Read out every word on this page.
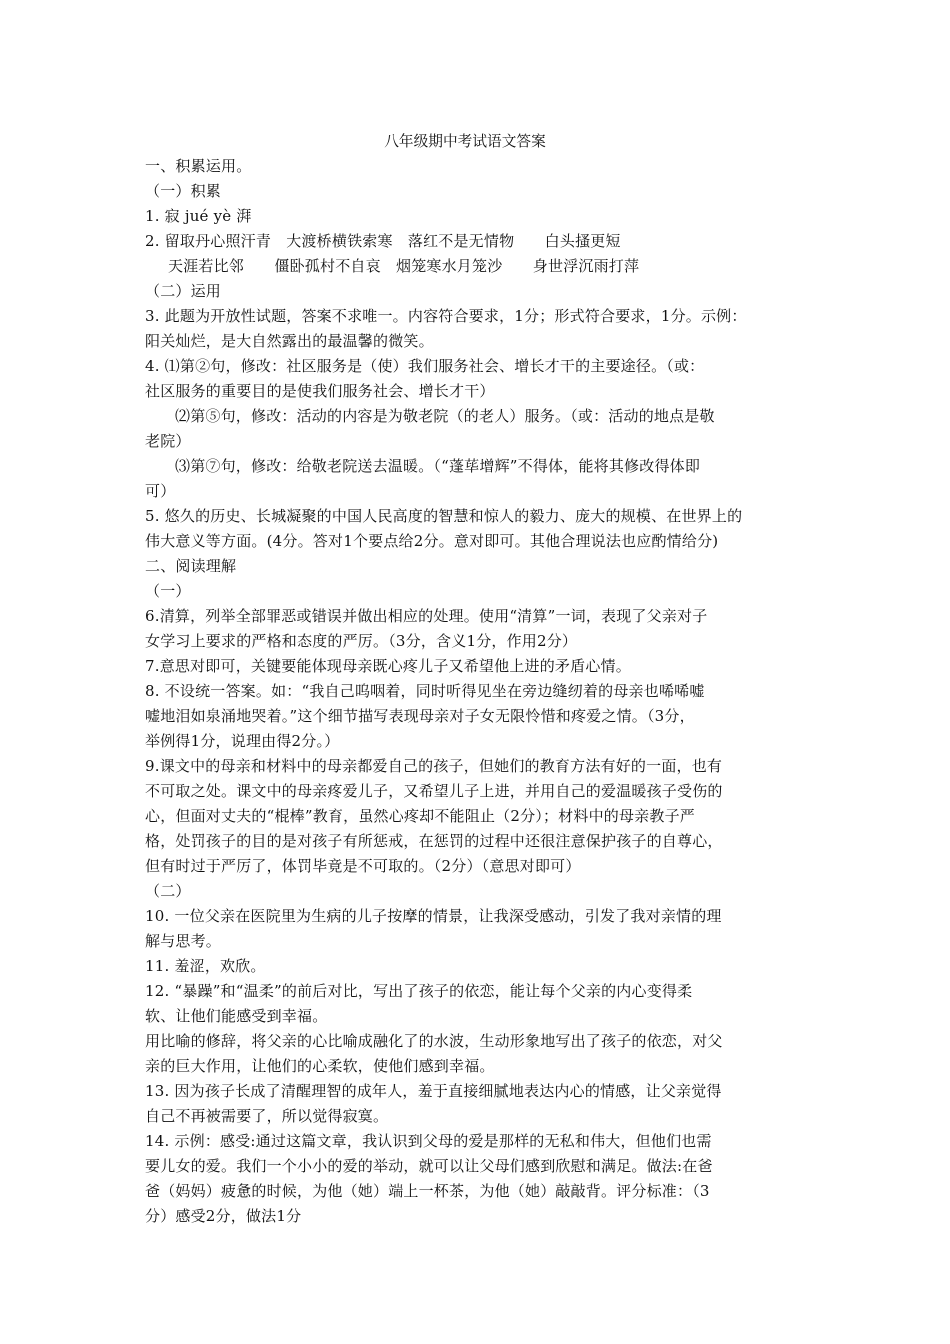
八年级期中考试语文答案
一、积累运用。
（一）积累
1. 寂 jué yè 湃
2. 留取丹心照汗青　大渡桥横铁索寒　落红不是无情物　　白头搔更短
天涯若比邻　　僵卧孤村不自哀　烟笼寒水月笼沙　　身世浮沉雨打萍
（二）运用
3. 此题为开放性试题，答案不求唯一。内容符合要求，1分；形式符合要求，1分。示例：
阳关灿烂，是大自然露出的最温馨的微笑。
4. ⑴第②句，修改：社区服务是（使）我们服务社会、增长才干的主要途径。（或：
社区服务的重要目的是使我们服务社会、增长才干）
⑵第⑤句，修改：活动的内容是为敬老院（的老人）服务。（或：活动的地点是敬
老院）
⑶第⑦句，修改：给敬老院送去温暖。（“蓬荜增辉”不得体，能将其修改得体即
可）
5. 悠久的历史、长城凝聚的中国人民高度的智慧和惊人的毅力、庞大的规模、在世界上的
伟大意义等方面。(4分。答对1个要点给2分。意对即可。其他合理说法也应酌情给分)
二、阅读理解
（一）
6.清算，列举全部罪恶或错误并做出相应的处理。使用“清算”一词，表现了父亲对子
女学习上要求的严格和态度的严厉。（3分，含义1分，作用2分）
7.意思对即可，关键要能体现母亲既心疼儿子又希望他上进的矛盾心情。
8. 不设统一答案。如：“我自己呜咽着，同时听得见坐在旁边缝纫着的母亲也唏唏嘘
嘘地泪如泉涌地哭着。”这个细节描写表现母亲对子女无限怜惜和疼爱之情。（3分，
举例得1分，说理由得2分。）
9.课文中的母亲和材料中的母亲都爱自己的孩子，但她们的教育方法有好的一面，也有
不可取之处。课文中的母亲疼爱儿子，又希望儿子上进，并用自己的爱温暖孩子受伤的
心，但面对丈夫的“棍棒”教育，虽然心疼却不能阻止（2分）；材料中的母亲教子严
格，处罚孩子的目的是对孩子有所惩戒，在惩罚的过程中还很注意保护孩子的自尊心，
但有时过于严厉了，体罚毕竟是不可取的。（2分）（意思对即可）
（二）
10. 一位父亲在医院里为生病的儿子按摩的情景，让我深受感动，引发了我对亲情的理
解与思考。
11. 羞涩，欢欣。
12. “暴躁”和“温柔”的前后对比，写出了孩子的依恋，能让每个父亲的内心变得柔
软、让他们能感受到幸福。
用比喻的修辞，将父亲的心比喻成融化了的水波，生动形象地写出了孩子的依恋，对父
亲的巨大作用，让他们的心柔软，使他们感到幸福。
13. 因为孩子长成了清醒理智的成年人，羞于直接细腻地表达内心的情感，让父亲觉得
自己不再被需要了，所以觉得寂寞。
14. 示例：感受:通过这篇文章，我认识到父母的爱是那样的无私和伟大，但他们也需
要儿女的爱。我们一个小小的爱的举动，就可以让父母们感到欣慰和满足。做法:在爸
爸（妈妈）疲惫的时候，为他（她）端上一杯茶，为他（她）敲敲背。评分标准：（3
分）感受2分，做法1分
